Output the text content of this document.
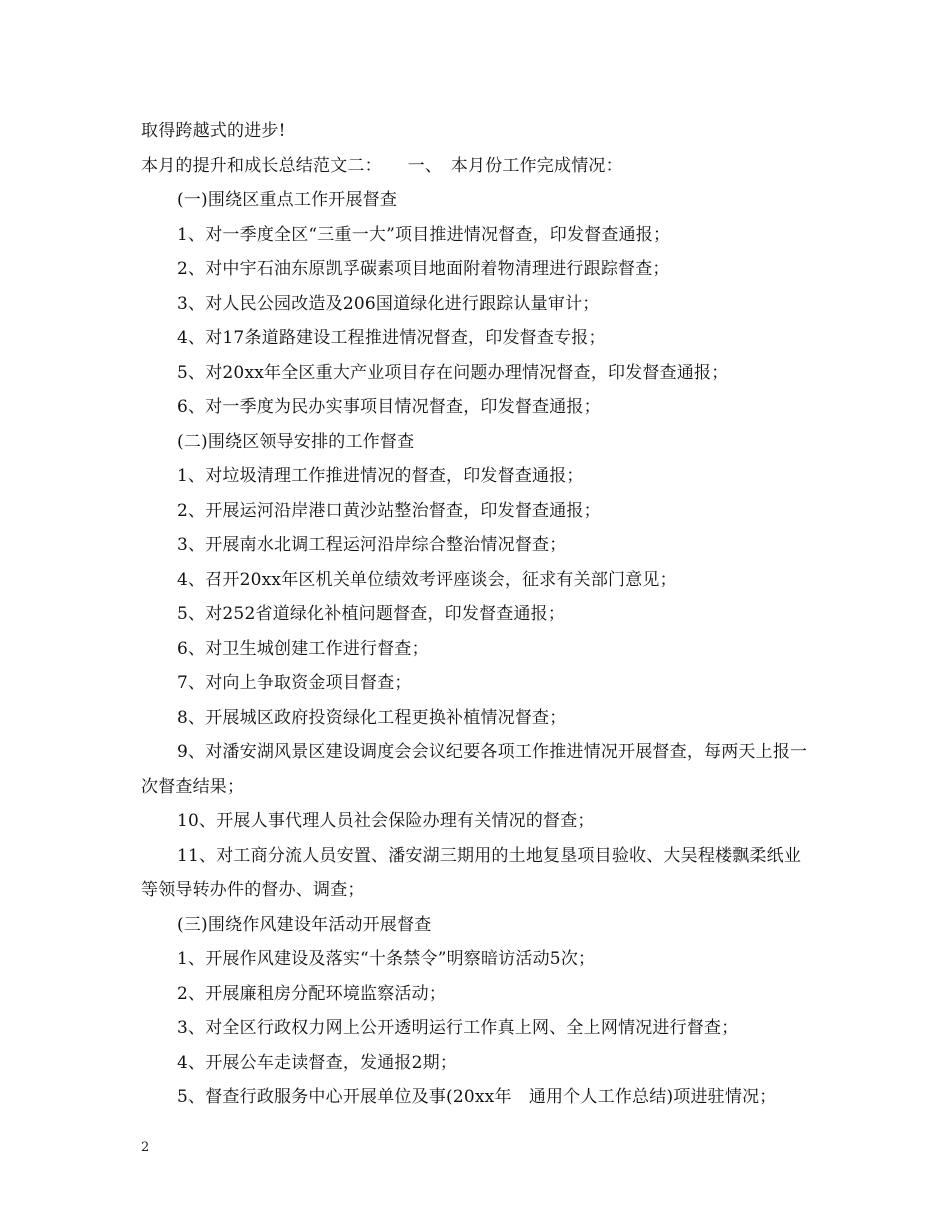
取得跨越式的进步!

本月的提升和成长总结范文二：　　一、　本月份工作完成情况：

(一)围绕区重点工作开展督查

1、对一季度全区“三重一大”项目推进情况督查，印发督查通报；

2、对中宇石油东原凯孚碳素项目地面附着物清理进行跟踪督查；

3、对人民公园改造及206国道绿化进行跟踪认量审计；

4、对17条道路建设工程推进情况督查，印发督查专报；

5、对20xx年全区重大产业项目存在问题办理情况督查，印发督查通报；

6、对一季度为民办实事项目情况督查，印发督查通报；

(二)围绕区领导安排的工作督查

1、对垃圾清理工作推进情况的督查，印发督查通报；

2、开展运河沿岸港口黄沙站整治督查，印发督查通报；

3、开展南水北调工程运河沿岸综合整治情况督查；

4、召开20xx年区机关单位绩效考评座谈会，征求有关部门意见；

5、对252省道绿化补植问题督查，印发督查通报；

6、对卫生城创建工作进行督查；

7、对向上争取资金项目督查；

8、开展城区政府投资绿化工程更换补植情况督查；

9、对潘安湖风景区建设调度会会议纪要各项工作推进情况开展督查，每两天上报一次督查结果；

10、开展人事代理人员社会保险办理有关情况的督查；

11、对工商分流人员安置、潘安湖三期用的土地复垦项目验收、大吴程楼飘柔纸业等领导转办件的督办、调查；

(三)围绕作风建设年活动开展督查

1、开展作风建设及落实“十条禁令”明察暗访活动5次；

2、开展廉租房分配环境监察活动；

3、对全区行政权力网上公开透明运行工作真上网、全上网情况进行督查；

4、开展公车走读督查，发通报2期；

5、督查行政服务中心开展单位及事(20xx年　通用个人工作总结)项进驻情况；

2
